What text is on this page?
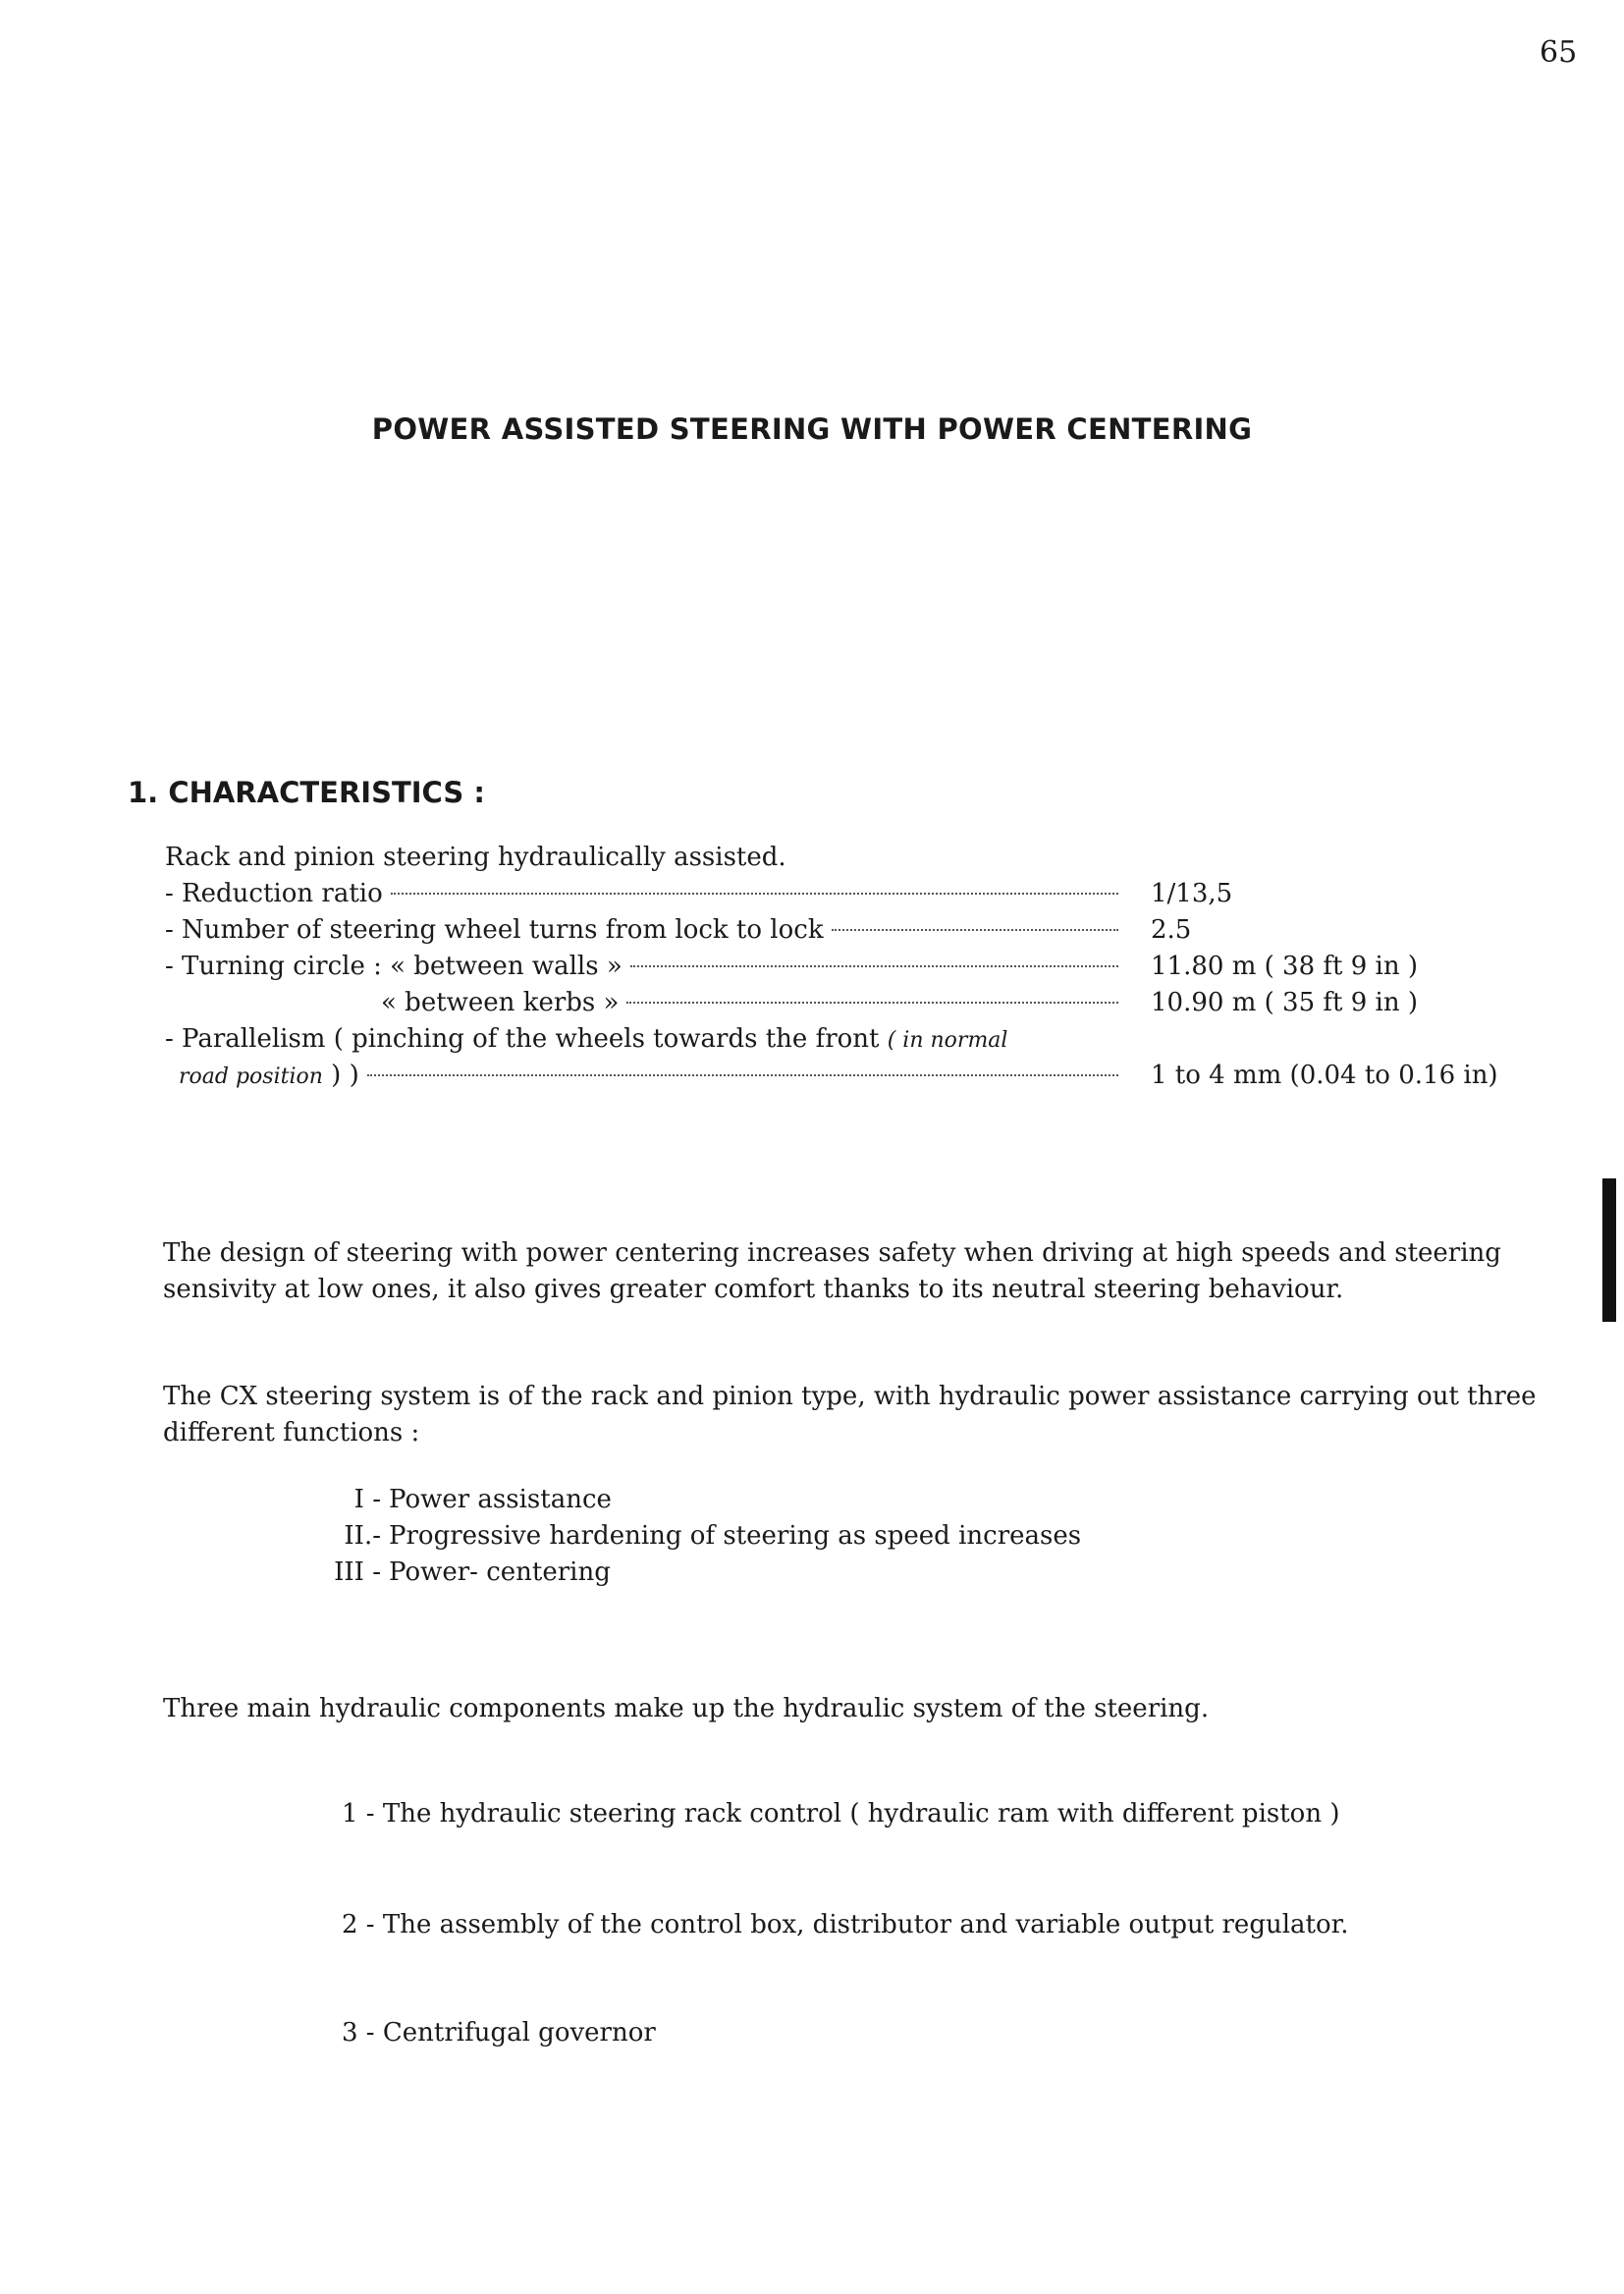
65
POWER ASSISTED STEERING WITH POWER CENTERING
1. CHARACTERISTICS :
Rack and pinion steering hydraulically assisted.
- Reduction ratio	1/13,5
- Number of steering wheel turns from lock to lock	2.5
- Turning circle : « between walls »	11.80 m ( 38 ft 9 in )
« between kerbs »	10.90 m ( 35 ft 9 in )
- Parallelism ( pinching of the wheels towards the front ( in normal
road position ) )	1 to 4 mm (0.04 to 0.16 in)
The design of steering with power centering increases safety when driving at high speeds and steering sensivity at low ones, it also gives greater comfort thanks to its neutral steering behaviour.
The CX steering system is of the rack and pinion type, with hydraulic power assistance carrying out three different functions :
I - Power assistance
II.- Progressive hardening of steering as speed increases
III - Power- centering
Three main hydraulic components make up the hydraulic system of the steering.
1 - The hydraulic steering rack control ( hydraulic ram with different piston )
2 - The assembly of the control box, distributor and variable output regulator.
3 - Centrifugal governor
